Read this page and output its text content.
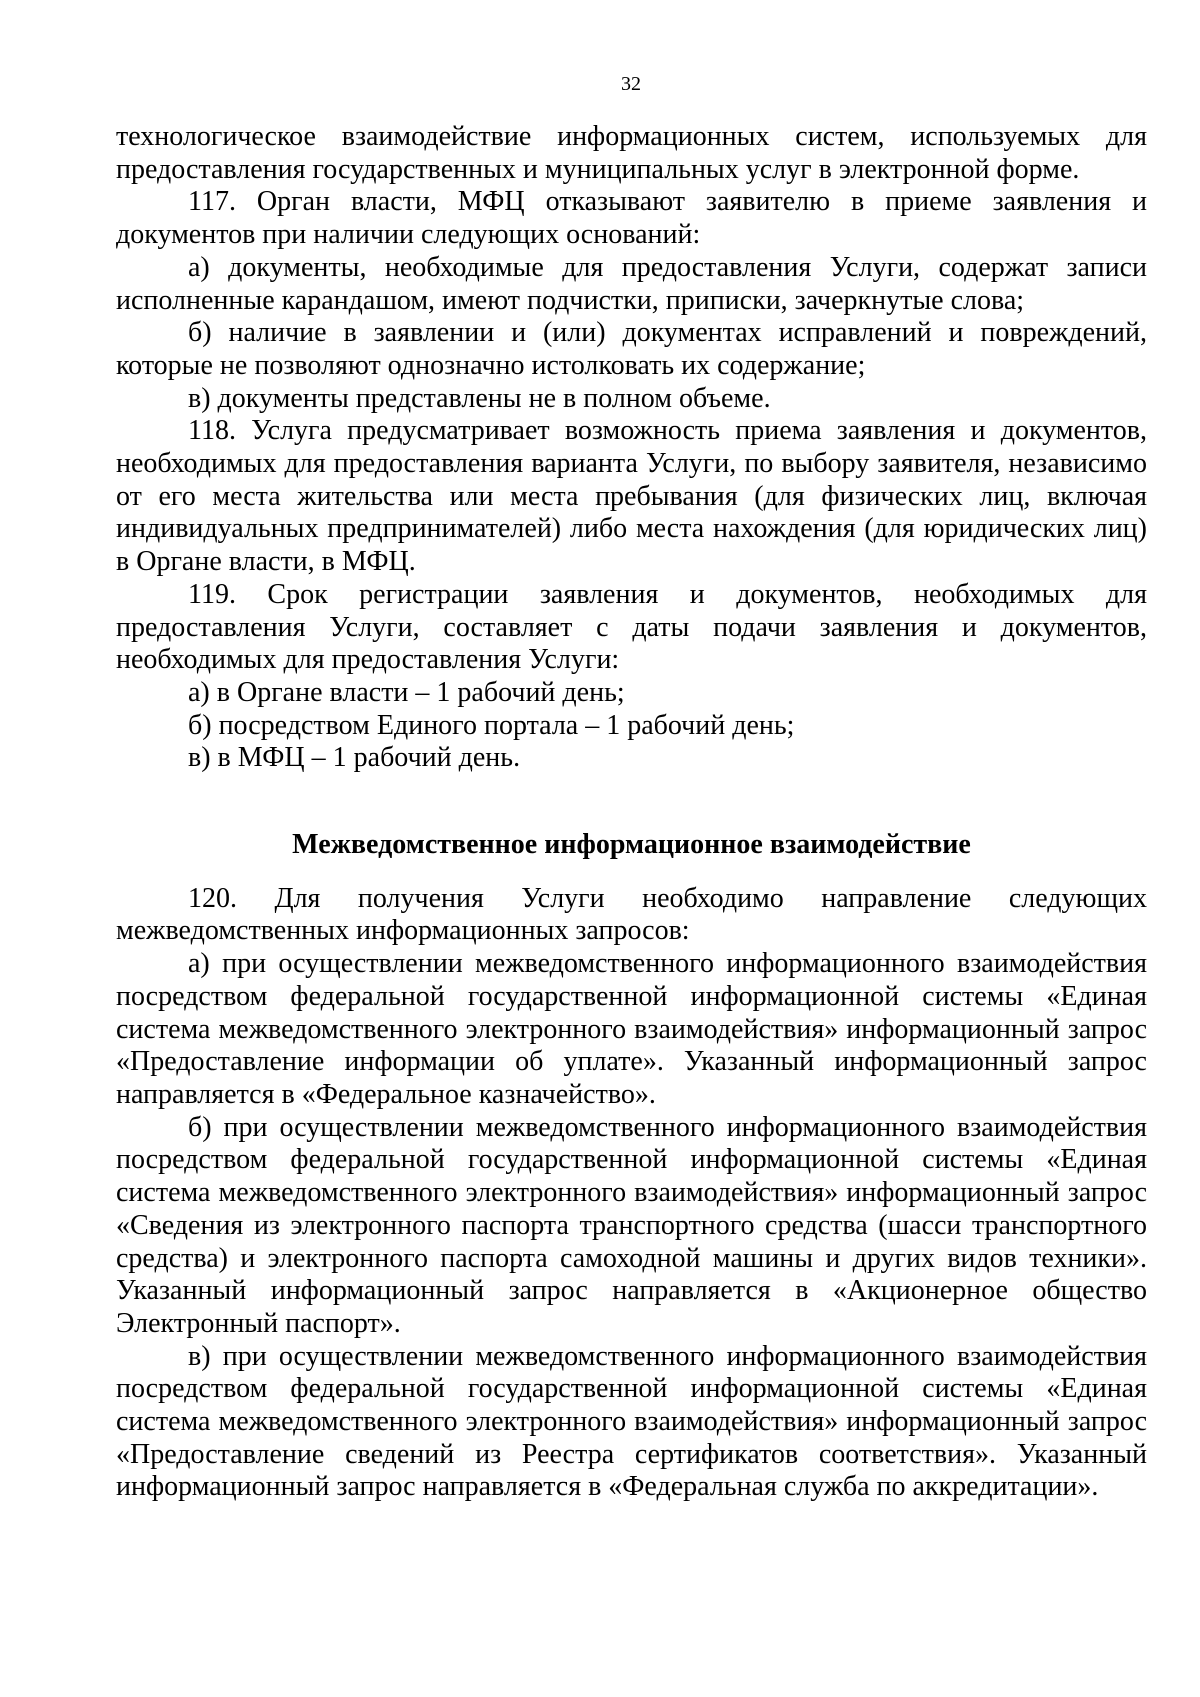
32

технологическое взаимодействие информационных систем, используемых для предоставления государственных и муниципальных услуг в электронной форме.

117. Орган власти, МФЦ отказывают заявителю в приеме заявления и документов при наличии следующих оснований:

а) документы, необходимые для предоставления Услуги, содержат записи исполненные карандашом, имеют подчистки, приписки, зачеркнутые слова;

б) наличие в заявлении и (или) документах исправлений и повреждений, которые не позволяют однозначно истолковать их содержание;

в) документы представлены не в полном объеме.

118. Услуга предусматривает возможность приема заявления и документов, необходимых для предоставления варианта Услуги, по выбору заявителя, независимо от его места жительства или места пребывания (для физических лиц, включая индивидуальных предпринимателей) либо места нахождения (для юридических лиц) в Органе власти, в МФЦ.

119. Срок регистрации заявления и документов, необходимых для предоставления Услуги, составляет с даты подачи заявления и документов, необходимых для предоставления Услуги:

а) в Органе власти – 1 рабочий день;

б) посредством Единого портала – 1 рабочий день;

в) в МФЦ – 1 рабочий день.

Межведомственное информационное взаимодействие

120. Для получения Услуги необходимо направление следующих межведомственных информационных запросов:

а) при осуществлении межведомственного информационного взаимодействия посредством федеральной государственной информационной системы «Единая система межведомственного электронного взаимодействия» информационный запрос «Предоставление информации об уплате». Указанный информационный запрос направляется в «Федеральное казначейство».

б) при осуществлении межведомственного информационного взаимодействия посредством федеральной государственной информационной системы «Единая система межведомственного электронного взаимодействия» информационный запрос «Сведения из электронного паспорта транспортного средства (шасси транспортного средства) и электронного паспорта самоходной машины и других видов техники». Указанный информационный запрос направляется в «Акционерное общество Электронный паспорт».

в) при осуществлении межведомственного информационного взаимодействия посредством федеральной государственной информационной системы «Единая система межведомственного электронного взаимодействия» информационный запрос «Предоставление сведений из Реестра сертификатов соответствия». Указанный информационный запрос направляется в «Федеральная служба по аккредитации».
